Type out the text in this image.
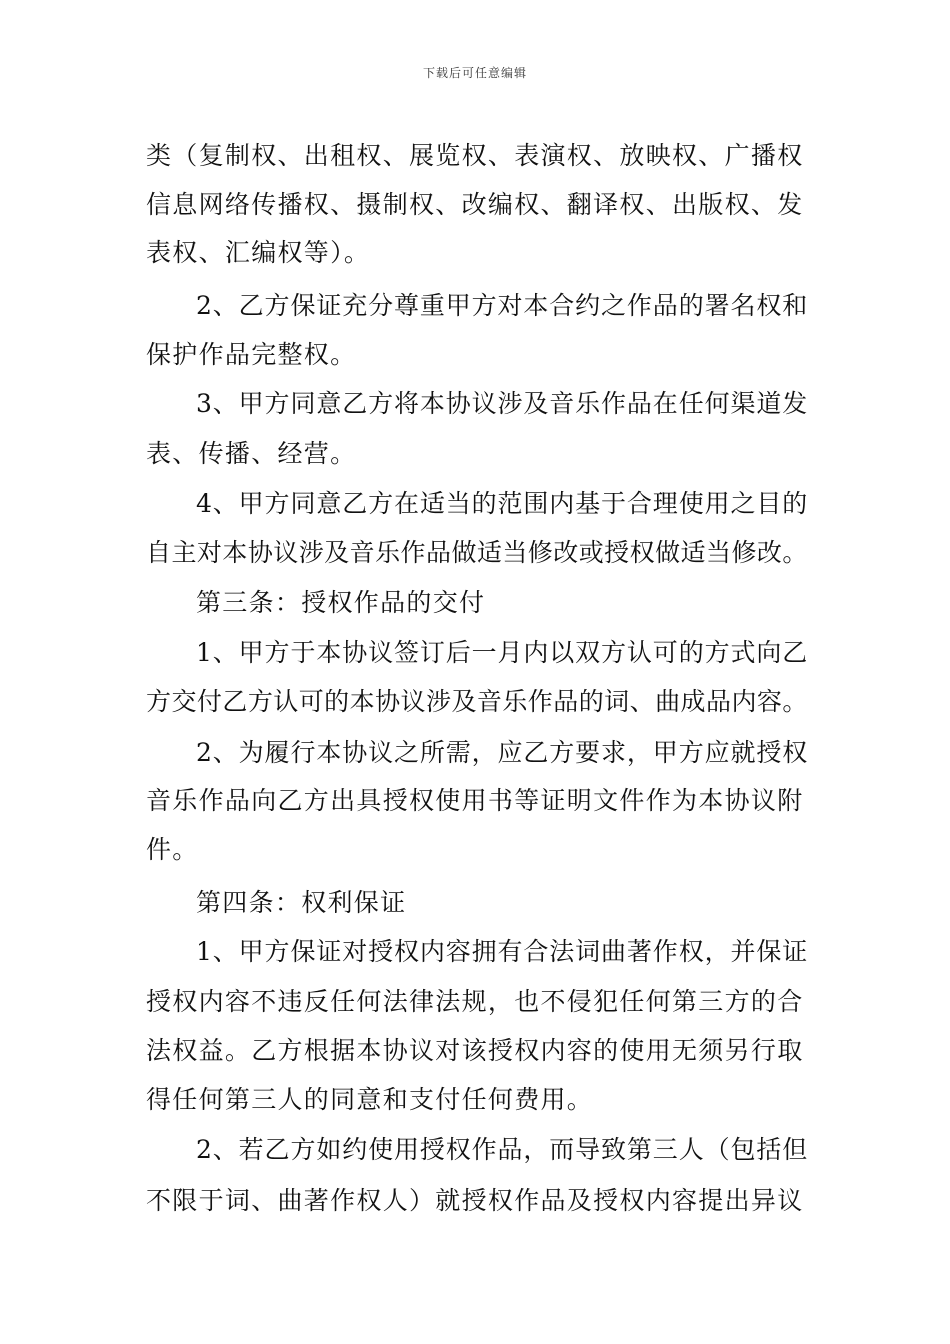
下载后可任意编辑
类（复制权、出租权、展览权、表演权、放映权、广播权
信息网络传播权、摄制权、改编权、翻译权、出版权、发
表权、汇编权等）。
2、乙方保证充分尊重甲方对本合约之作品的署名权和
保护作品完整权。
3、甲方同意乙方将本协议涉及音乐作品在任何渠道发
表、传播、经营。
4、甲方同意乙方在适当的范围内基于合理使用之目的
自主对本协议涉及音乐作品做适当修改或授权做适当修改。
第三条：授权作品的交付
1、甲方于本协议签订后一月内以双方认可的方式向乙
方交付乙方认可的本协议涉及音乐作品的词、曲成品内容。
2、为履行本协议之所需，应乙方要求，甲方应就授权
音乐作品向乙方出具授权使用书等证明文件作为本协议附
件。
第四条：权利保证
1、甲方保证对授权内容拥有合法词曲著作权，并保证
授权内容不违反任何法律法规，也不侵犯任何第三方的合
法权益。乙方根据本协议对该授权内容的使用无须另行取
得任何第三人的同意和支付任何费用。
2、若乙方如约使用授权作品，而导致第三人（包括但
不限于词、曲著作权人）就授权作品及授权内容提出异议
